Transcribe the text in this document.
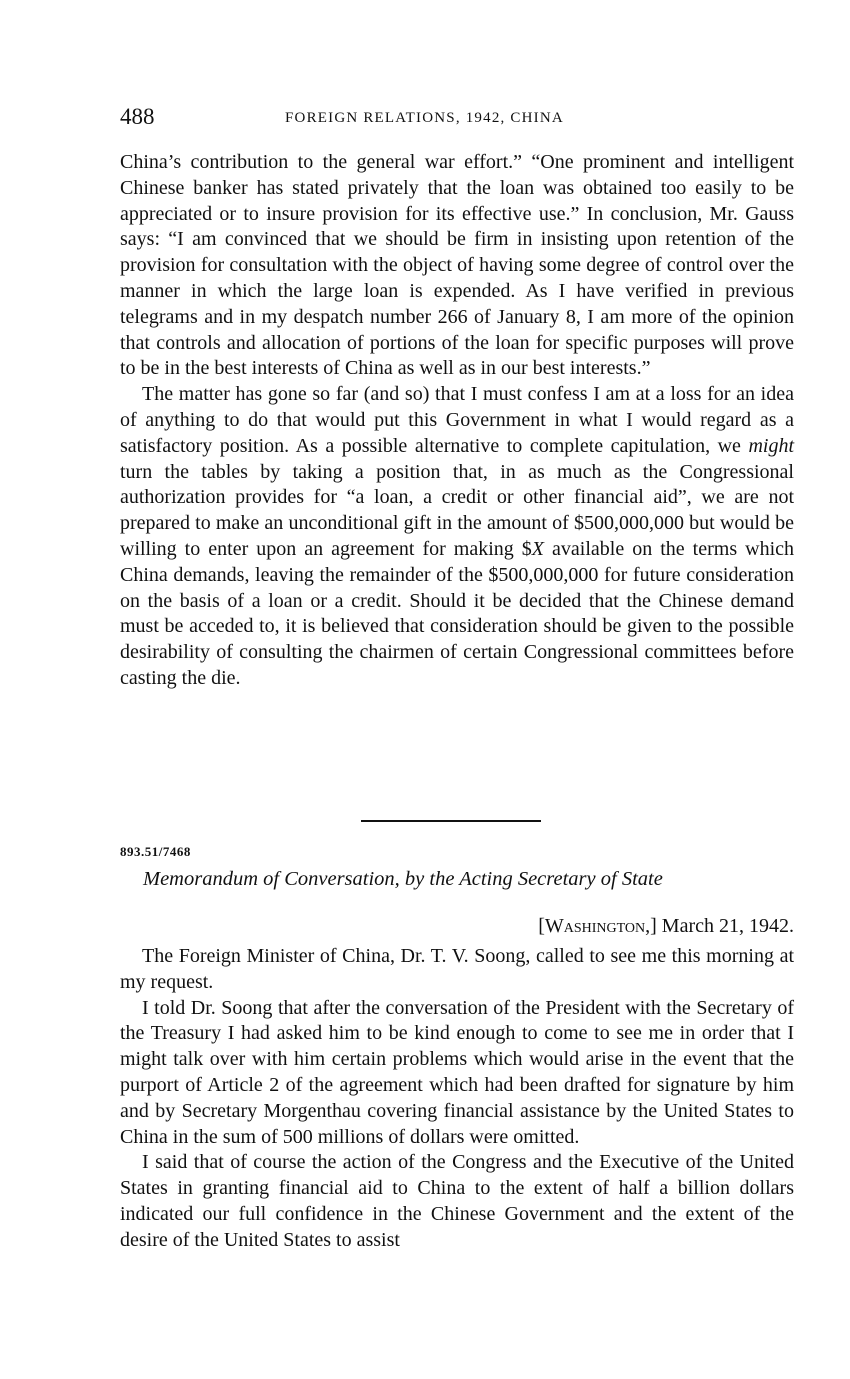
488	FOREIGN RELATIONS, 1942, CHINA

China’s contribution to the general war effort.” “One prominent and intelligent Chinese banker has stated privately that the loan was obtained too easily to be appreciated or to insure provision for its effective use.” In conclusion, Mr. Gauss says: “I am convinced that we should be firm in insisting upon retention of the provision for consultation with the object of having some degree of control over the manner in which the large loan is expended. As I have verified in previous telegrams and in my despatch number 266 of January 8, I am more of the opinion that controls and allocation of portions of the loan for specific purposes will prove to be in the best interests of China as well as in our best interests.”

The matter has gone so far (and so) that I must confess I am at a loss for an idea of anything to do that would put this Government in what I would regard as a satisfactory position. As a possible alternative to complete capitulation, we might turn the tables by taking a position that, in as much as the Congressional authorization provides for “a loan, a credit or other financial aid”, we are not prepared to make an unconditional gift in the amount of $500,000,000 but would be willing to enter upon an agreement for making $X available on the terms which China demands, leaving the remainder of the $500,000,000 for future consideration on the basis of a loan or a credit. Should it be decided that the Chinese demand must be acceded to, it is believed that consideration should be given to the possible desirability of consulting the chairmen of certain Congressional committees before casting the die.

893.51/7468
Memorandum of Conversation, by the Acting Secretary of State
[Washington,] March 21, 1942.

The Foreign Minister of China, Dr. T. V. Soong, called to see me this morning at my request.

I told Dr. Soong that after the conversation of the President with the Secretary of the Treasury I had asked him to be kind enough to come to see me in order that I might talk over with him certain problems which would arise in the event that the purport of Article 2 of the agreement which had been drafted for signature by him and by Secretary Morgenthau covering financial assistance by the United States to China in the sum of 500 millions of dollars were omitted.

I said that of course the action of the Congress and the Executive of the United States in granting financial aid to China to the extent of half a billion dollars indicated our full confidence in the Chinese Government and the extent of the desire of the United States to assist
